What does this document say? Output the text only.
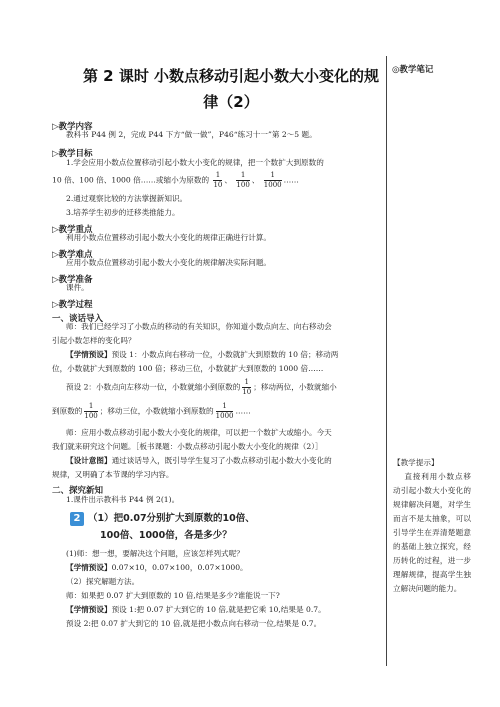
第 2 课时 小数点移动引起小数大小变化的规
律（2）
◎教学笔记
▷教学内容
教科书 P44 例 2，完成 P44 下方“做一做”，P46“练习十一”第 2～5 题。
▷教学目标
1.学会应用小数点位置移动引起小数大小变化的规律，把一个数扩大到原数的
10 倍、100 倍、1000 倍……或缩小为原数的 $\frac{1}{10}$ 、 $\frac{1}{100}$ 、 $\frac{1}{1000}$ ……
2.通过观察比较的方法掌握新知识。
3.培养学生初步的迁移类推能力。
▷教学重点
利用小数点位置移动引起小数大小变化的规律正确进行计算。
▷教学难点
应用小数点位置移动引起小数大小变化的规律解决实际问题。
▷教学准备
课件。
▷教学过程
一、谈话导入
师：我们已经学习了小数点的移动的有关知识，你知道小数点向左、向右移动会
引起小数怎样的变化吗？
【学情预设】预设 1：小数点向右移动一位，小数就扩大到原数的 10 倍；移动两
位，小数就扩大到原数的 100 倍；移动三位，小数就扩大到原数的 1000 倍……
预设 2：小数点向左移动一位，小数就缩小到原数的 $\frac{1}{10}$ ；移动两位，小数就缩小
到原数的 $\frac{1}{100}$ ；移动三位，小数就缩小到原数的 $\frac{1}{1000}$ ……
师：应用小数点移动引起小数大小变化的规律，可以把一个数扩大或缩小。今天
我们就来研究这个问题。［板书课题：小数点移动引起小数大小变化的规律（2）］
【设计意图】通过谈话导入，既引导学生复习了小数点移动引起小数大小变化的
规律，又明确了本节课的学习内容。
二、探究新知
1.课件出示教科书 P44 例 2(1)。
2 （1）把0.07分别扩大到原数的10倍、
100倍、1000倍，各是多少？
(1)师：想一想，要解决这个问题，应该怎样列式呢？
【学情预设】0.07×10，0.07×100，0.07×1000。
（2）探究解题方法。
师：如果把 0.07 扩大到原数的 10 倍,结果是多少?谁能说一下?
【学情预设】预设 1:把 0.07 扩大到它的 10 倍,就是把它乘 10,结果是 0.7。
预设 2:把 0.07 扩大到它的 10 倍,就是把小数点向右移动一位,结果是 0.7。
【教学提示】
直接利用小数点移动引起小数大小变化的规律解决问题，对学生而言不是太抽象，可以引导学生在弄清楚题意的基础上独立探究，经历转化的过程，进一步理解规律，提高学生独立解决问题的能力。
